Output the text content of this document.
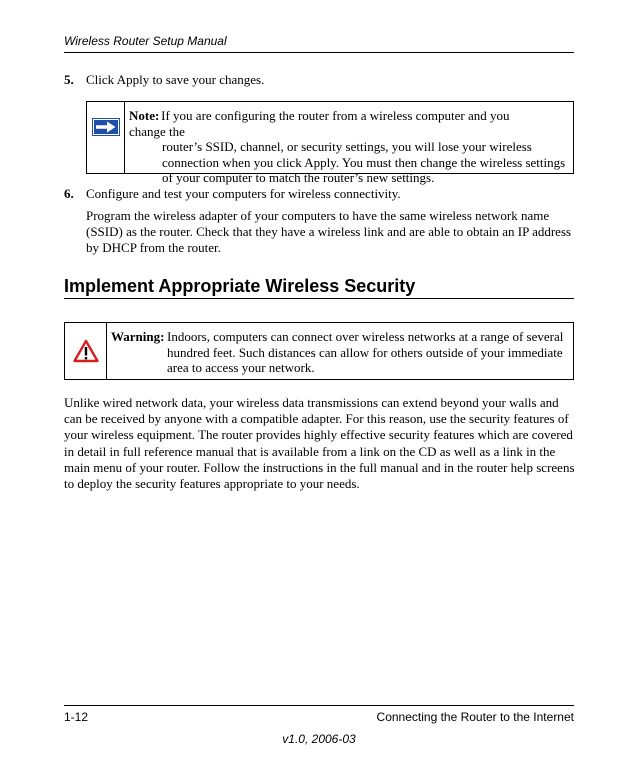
Wireless Router Setup Manual
5. Click Apply to save your changes.
Note: If you are configuring the router from a wireless computer and you change the
router’s SSID, channel, or security settings, you will lose your wireless
connection when you click Apply. You must then change the wireless settings
of your computer to match the router’s new settings.
6. Configure and test your computers for wireless connectivity.
Program the wireless adapter of your computers to have the same wireless network name
(SSID) as the router. Check that they have a wireless link and are able to obtain an IP address
by DHCP from the router.
Implement Appropriate Wireless Security
Warning: Indoors, computers can connect over wireless networks at a range of several
hundred feet. Such distances can allow for others outside of your immediate
area to access your network.
Unlike wired network data, your wireless data transmissions can extend beyond your walls and
can be received by anyone with a compatible adapter. For this reason, use the security features of
your wireless equipment. The router provides highly effective security features which are covered
in detail in full reference manual that is available from a link on the CD as well as a link in the
main menu of your router. Follow the instructions in the full manual and in the router help screens
to deploy the security features appropriate to your needs.
1-12	Connecting the Router to the Internet
v1.0, 2006-03
